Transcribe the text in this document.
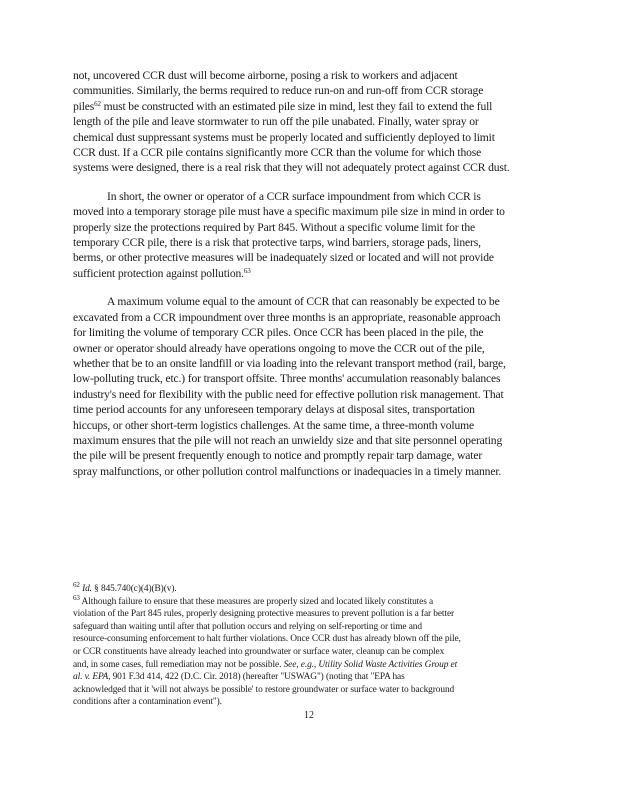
not, uncovered CCR dust will become airborne, posing a risk to workers and adjacent
communities. Similarly, the berms required to reduce run-on and run-off from CCR storage
piles$^{62}$ must be constructed with an estimated pile size in mind, lest they fail to extend the full
length of the pile and leave stormwater to run off the pile unabated. Finally, water spray or
chemical dust suppressant systems must be properly located and sufficiently deployed to limit
CCR dust. If a CCR pile contains significantly more CCR than the volume for which those
systems were designed, there is a real risk that they will not adequately protect against CCR dust.

In short, the owner or operator of a CCR surface impoundment from which CCR is
moved into a temporary storage pile must have a specific maximum pile size in mind in order to
properly size the protections required by Part 845. Without a specific volume limit for the
temporary CCR pile, there is a risk that protective tarps, wind barriers, storage pads, liners,
berms, or other protective measures will be inadequately sized or located and will not provide
sufficient protection against pollution.$^{63}$

A maximum volume equal to the amount of CCR that can reasonably be expected to be
excavated from a CCR impoundment over three months is an appropriate, reasonable approach
for limiting the volume of temporary CCR piles. Once CCR has been placed in the pile, the
owner or operator should already have operations ongoing to move the CCR out of the pile,
whether that be to an onsite landfill or via loading into the relevant transport method (rail, barge,
low-polluting truck, etc.) for transport offsite. Three months' accumulation reasonably balances
industry's need for flexibility with the public need for effective pollution risk management. That
time period accounts for any unforeseen temporary delays at disposal sites, transportation
hiccups, or other short-term logistics challenges. At the same time, a three-month volume
maximum ensures that the pile will not reach an unwieldy size and that site personnel operating
the pile will be present frequently enough to notice and promptly repair tarp damage, water
spray malfunctions, or other pollution control malfunctions or inadequacies in a timely manner.

$^{62}$ Id. § 845.740(c)(4)(B)(v).
$^{63}$ Although failure to ensure that these measures are properly sized and located likely constitutes a
violation of the Part 845 rules, properly designing protective measures to prevent pollution is a far better
safeguard than waiting until after that pollution occurs and relying on self-reporting or time and
resource-consuming enforcement to halt further violations. Once CCR dust has already blown off the pile,
or CCR constituents have already leached into groundwater or surface water, cleanup can be complex
and, in some cases, full remediation may not be possible. See, e.g., Utility Solid Waste Activities Group et
al. v. EPA, 901 F.3d 414, 422 (D.C. Cir. 2018) (hereafter "USWAG") (noting that "EPA has
acknowledged that it 'will not always be possible' to restore groundwater or surface water to background
conditions after a contamination event").
12
